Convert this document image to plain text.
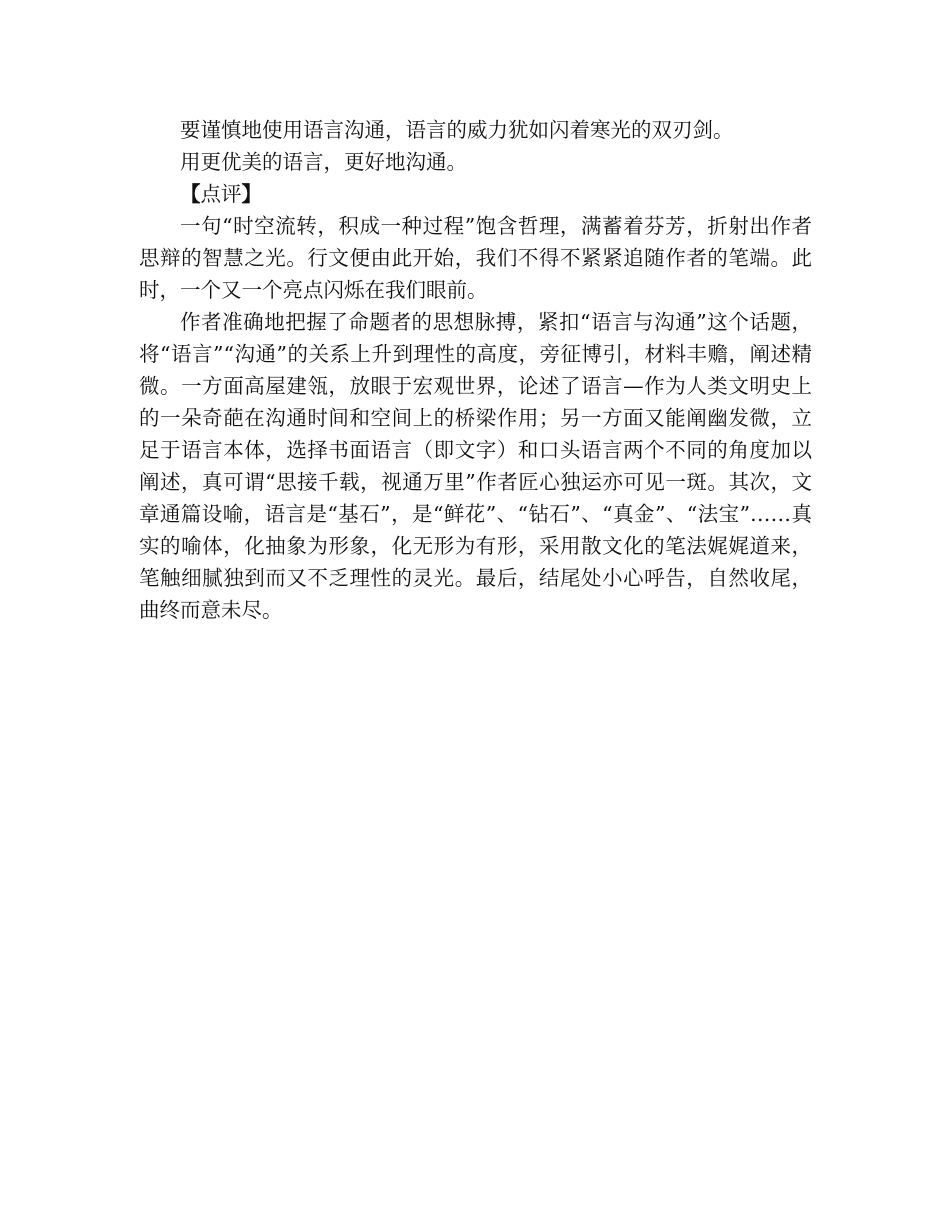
要谨慎地使用语言沟通，语言的威力犹如闪着寒光的双刃剑。

用更优美的语言，更好地沟通。

【点评】

一句“时空流转，积成一种过程”饱含哲理，满蓄着芬芳，折射出作者思辩的智慧之光。行文便由此开始，我们不得不紧紧追随作者的笔端。此时，一个又一个亮点闪烁在我们眼前。

作者准确地把握了命题者的思想脉搏，紧扣“语言与沟通”这个话题，将“语言”“沟通”的关系上升到理性的高度，旁征博引，材料丰赡，阐述精微。一方面高屋建瓴，放眼于宏观世界，论述了语言—作为人类文明史上的一朵奇葩在沟通时间和空间上的桥梁作用；另一方面又能阐幽发微，立足于语言本体，选择书面语言（即文字）和口头语言两个不同的角度加以阐述，真可谓“思接千载，视通万里”作者匠心独运亦可见一斑。其次，文章通篇设喻，语言是“基石”，是“鲜花”、“钻石”、“真金”、“法宝”……真实的喻体，化抽象为形象，化无形为有形，采用散文化的笔法娓娓道来，笔触细腻独到而又不乏理性的灵光。最后，结尾处小心呼告，自然收尾，曲终而意未尽。
